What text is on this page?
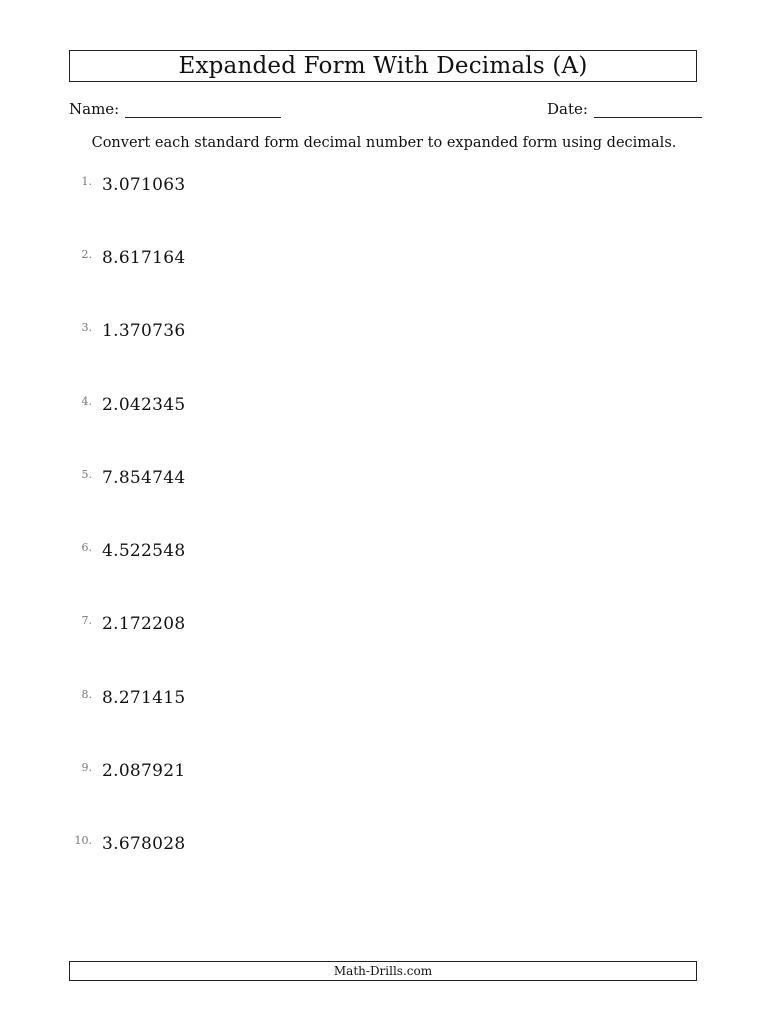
Expanded Form With Decimals (A)
Name:	Date:
Convert each standard form decimal number to expanded form using decimals.
1. 3.071063
2. 8.617164
3. 1.370736
4. 2.042345
5. 7.854744
6. 4.522548
7. 2.172208
8. 8.271415
9. 2.087921
10. 3.678028
Math-Drills.com
